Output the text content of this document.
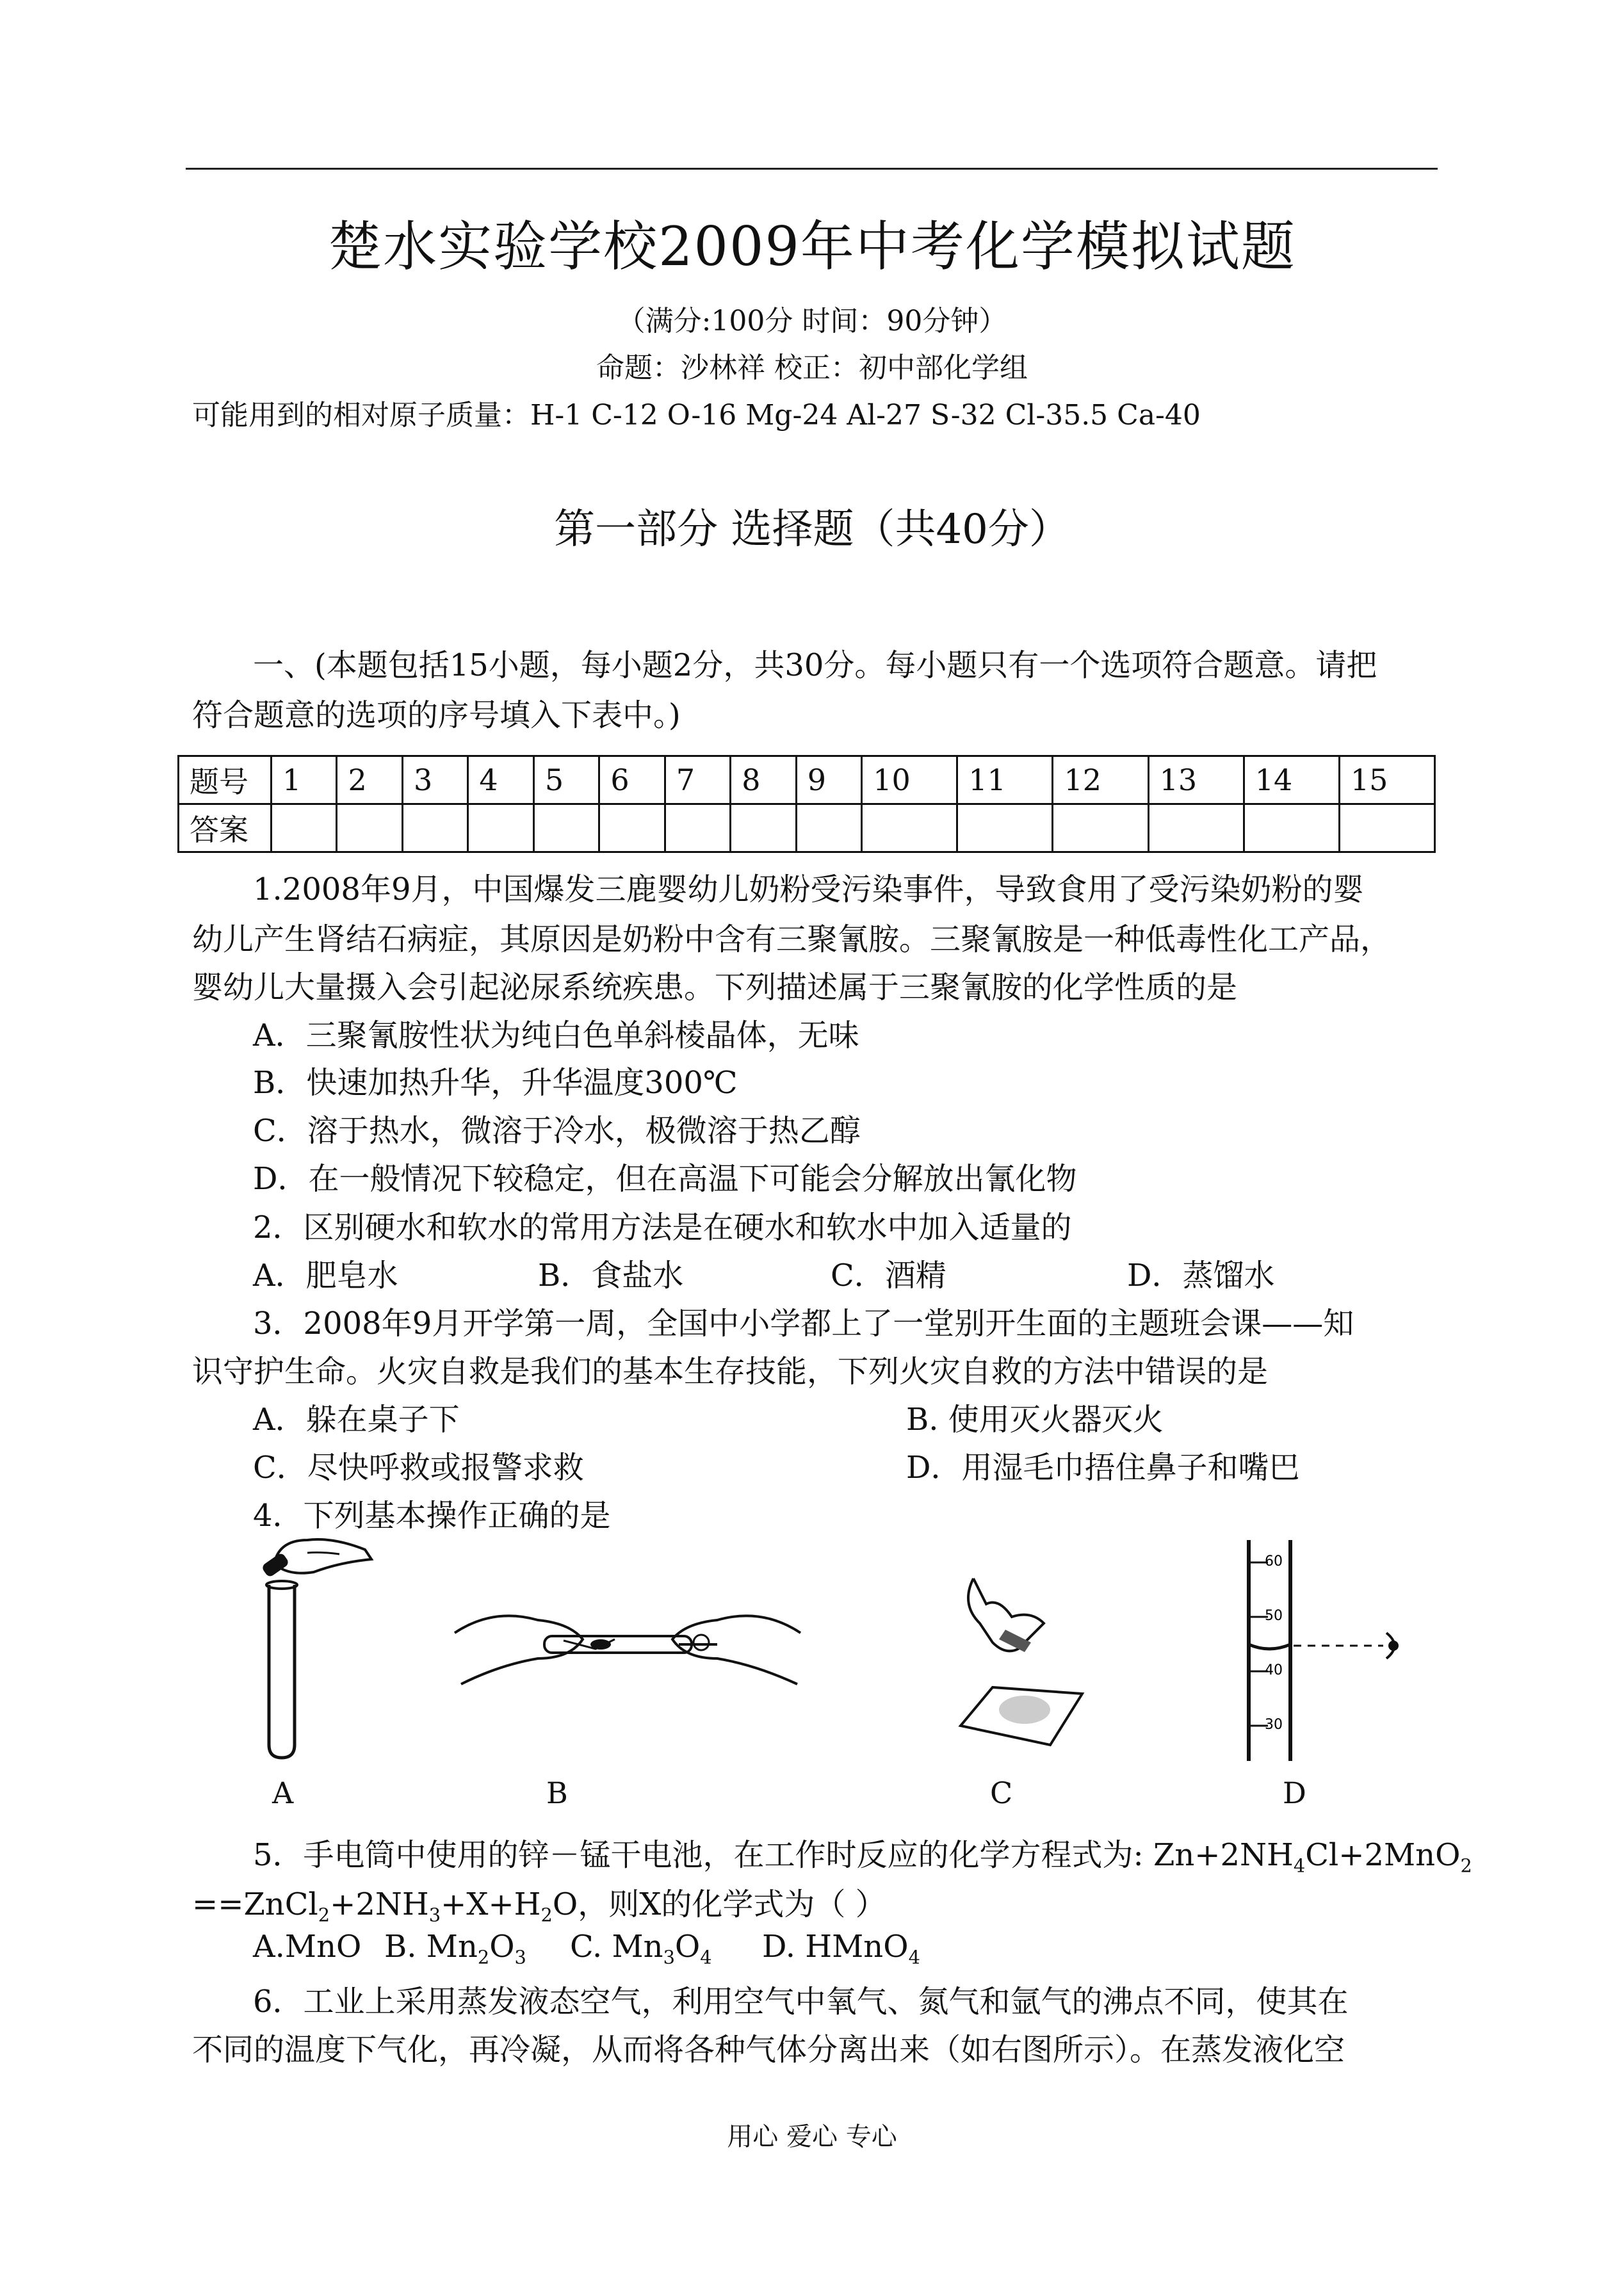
楚水实验学校2009年中考化学模拟试题
（满分:100分 时间：90分钟）
命题：沙林祥 校正：初中部化学组
可能用到的相对原子质量：H-1 C-12 O-16 Mg-24 Al-27 S-32 Cl-35.5 Ca-40
第一部分 选择题（共40分）
一、(本题包括15小题，每小题2分，共30分。每小题只有一个选项符合题意。请把
符合题意的选项的序号填入下表中。)
题号	1	2	3	4	5	6	7	8	9	10	11	12	13	14	15
答案															
1.2008年9月，中国爆发三鹿婴幼儿奶粉受污染事件，导致食用了受污染奶粉的婴
幼儿产生肾结石病症，其原因是奶粉中含有三聚氰胺。三聚氰胺是一种低毒性化工产品，
婴幼儿大量摄入会引起泌尿系统疾患。下列描述属于三聚氰胺的化学性质的是
A．三聚氰胺性状为纯白色单斜棱晶体，无味
B．快速加热升华，升华温度300℃
C．溶于热水，微溶于冷水，极微溶于热乙醇
D．在一般情况下较稳定，但在高温下可能会分解放出氰化物
2．区别硬水和软水的常用方法是在硬水和软水中加入适量的
A．肥皂水	B．食盐水	C．酒精	D．蒸馏水
3．2008年9月开学第一周，全国中小学都上了一堂别开生面的主题班会课——知
识守护生命。火灾自救是我们的基本生存技能，下列火灾自救的方法中错误的是
A．躲在桌子下	B. 使用灭火器灭火
C．尽快呼救或报警求救	D．用湿毛巾捂住鼻子和嘴巴
4．下列基本操作正确的是
60
50
40
30
A	B	C	D
5．手电筒中使用的锌－锰干电池，在工作时反应的化学方程式为: $Zn+2NH_4Cl+2MnO_2$
$==ZnCl_2+2NH_3+X+H_2O$，则X的化学式为（ ）
A.MnO B. $Mn_2O_3$ C. $Mn_3O_4$ D. HMnO$_4$
6．工业上采用蒸发液态空气，利用空气中氧气、氮气和氩气的沸点不同，使其在
不同的温度下气化，再冷凝，从而将各种气体分离出来（如右图所示）。在蒸发液化空
用心 爱心 专心
